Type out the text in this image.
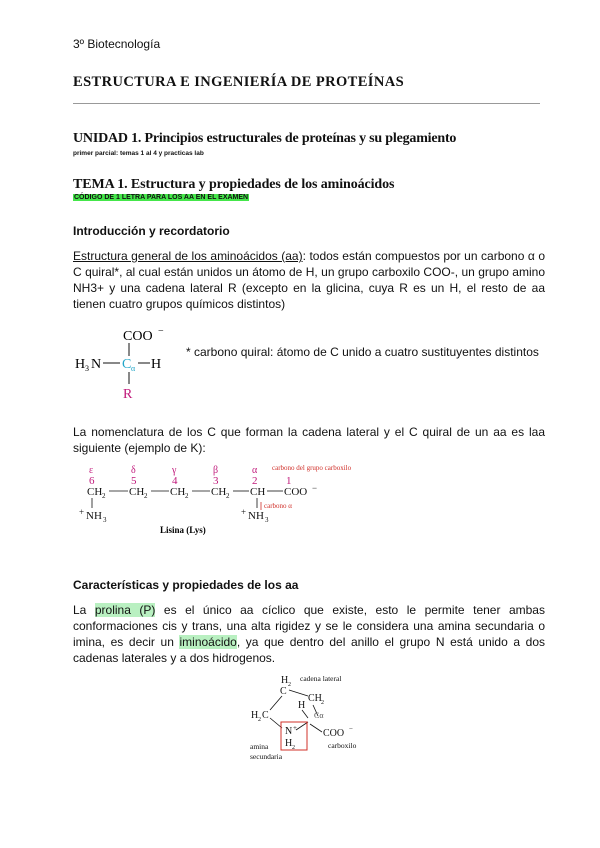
3º Biotecnología
ESTRUCTURA E INGENIERÍA DE PROTEÍNAS
UNIDAD 1. Principios estructurales de proteínas y su plegamiento
primer parcial: temas 1 al 4 y practicas lab
TEMA 1. Estructura y propiedades de los aminoácidos
CÓDIGO DE 1 LETRA PARA LOS AA EN EL EXAMEN
Introducción y recordatorio
Estructura general de los aminoácidos (aa): todos están compuestos por un carbono α o C quiral*, al cual están unidos un átomo de H, un grupo carboxilo COO-, un grupo amino NH3+ y una cadena lateral R (excepto en la glicina, cuya R es un H, el resto de aa tienen cuatro grupos químicos distintos)
COO −
H 3 N C α H
R
* carbono quiral: átomo de C unido a cuatro sustituyentes distintos
La nomenclatura de los C que forman la cadena lateral y el C quiral de un aa es laa siguiente (ejemplo de K):
ε	δ	γ	β	α
6	5	4	3	2	1
carbono del grupo carboxilo
CH 2 CH 2 CH 2 CH 2 CH COO −
+ NH 3
+ NH 3
carbono α
Lisina (Lys)
Características y propiedades de los aa
La prolina (P) es el único aa cíclico que existe, esto le permite tener ambas conformaciones cis y trans, una alta rigidez y se le considera una amina secundaria o imina, es decir un iminoácido, ya que dentro del anillo el grupo N está unido a dos cadenas laterales y a dos hidrogenos.
H 2
C
CH 2
H 2 C
H
Cα
N +
H 2
COO −
cadena lateral
amina
secundaria
carboxilo
